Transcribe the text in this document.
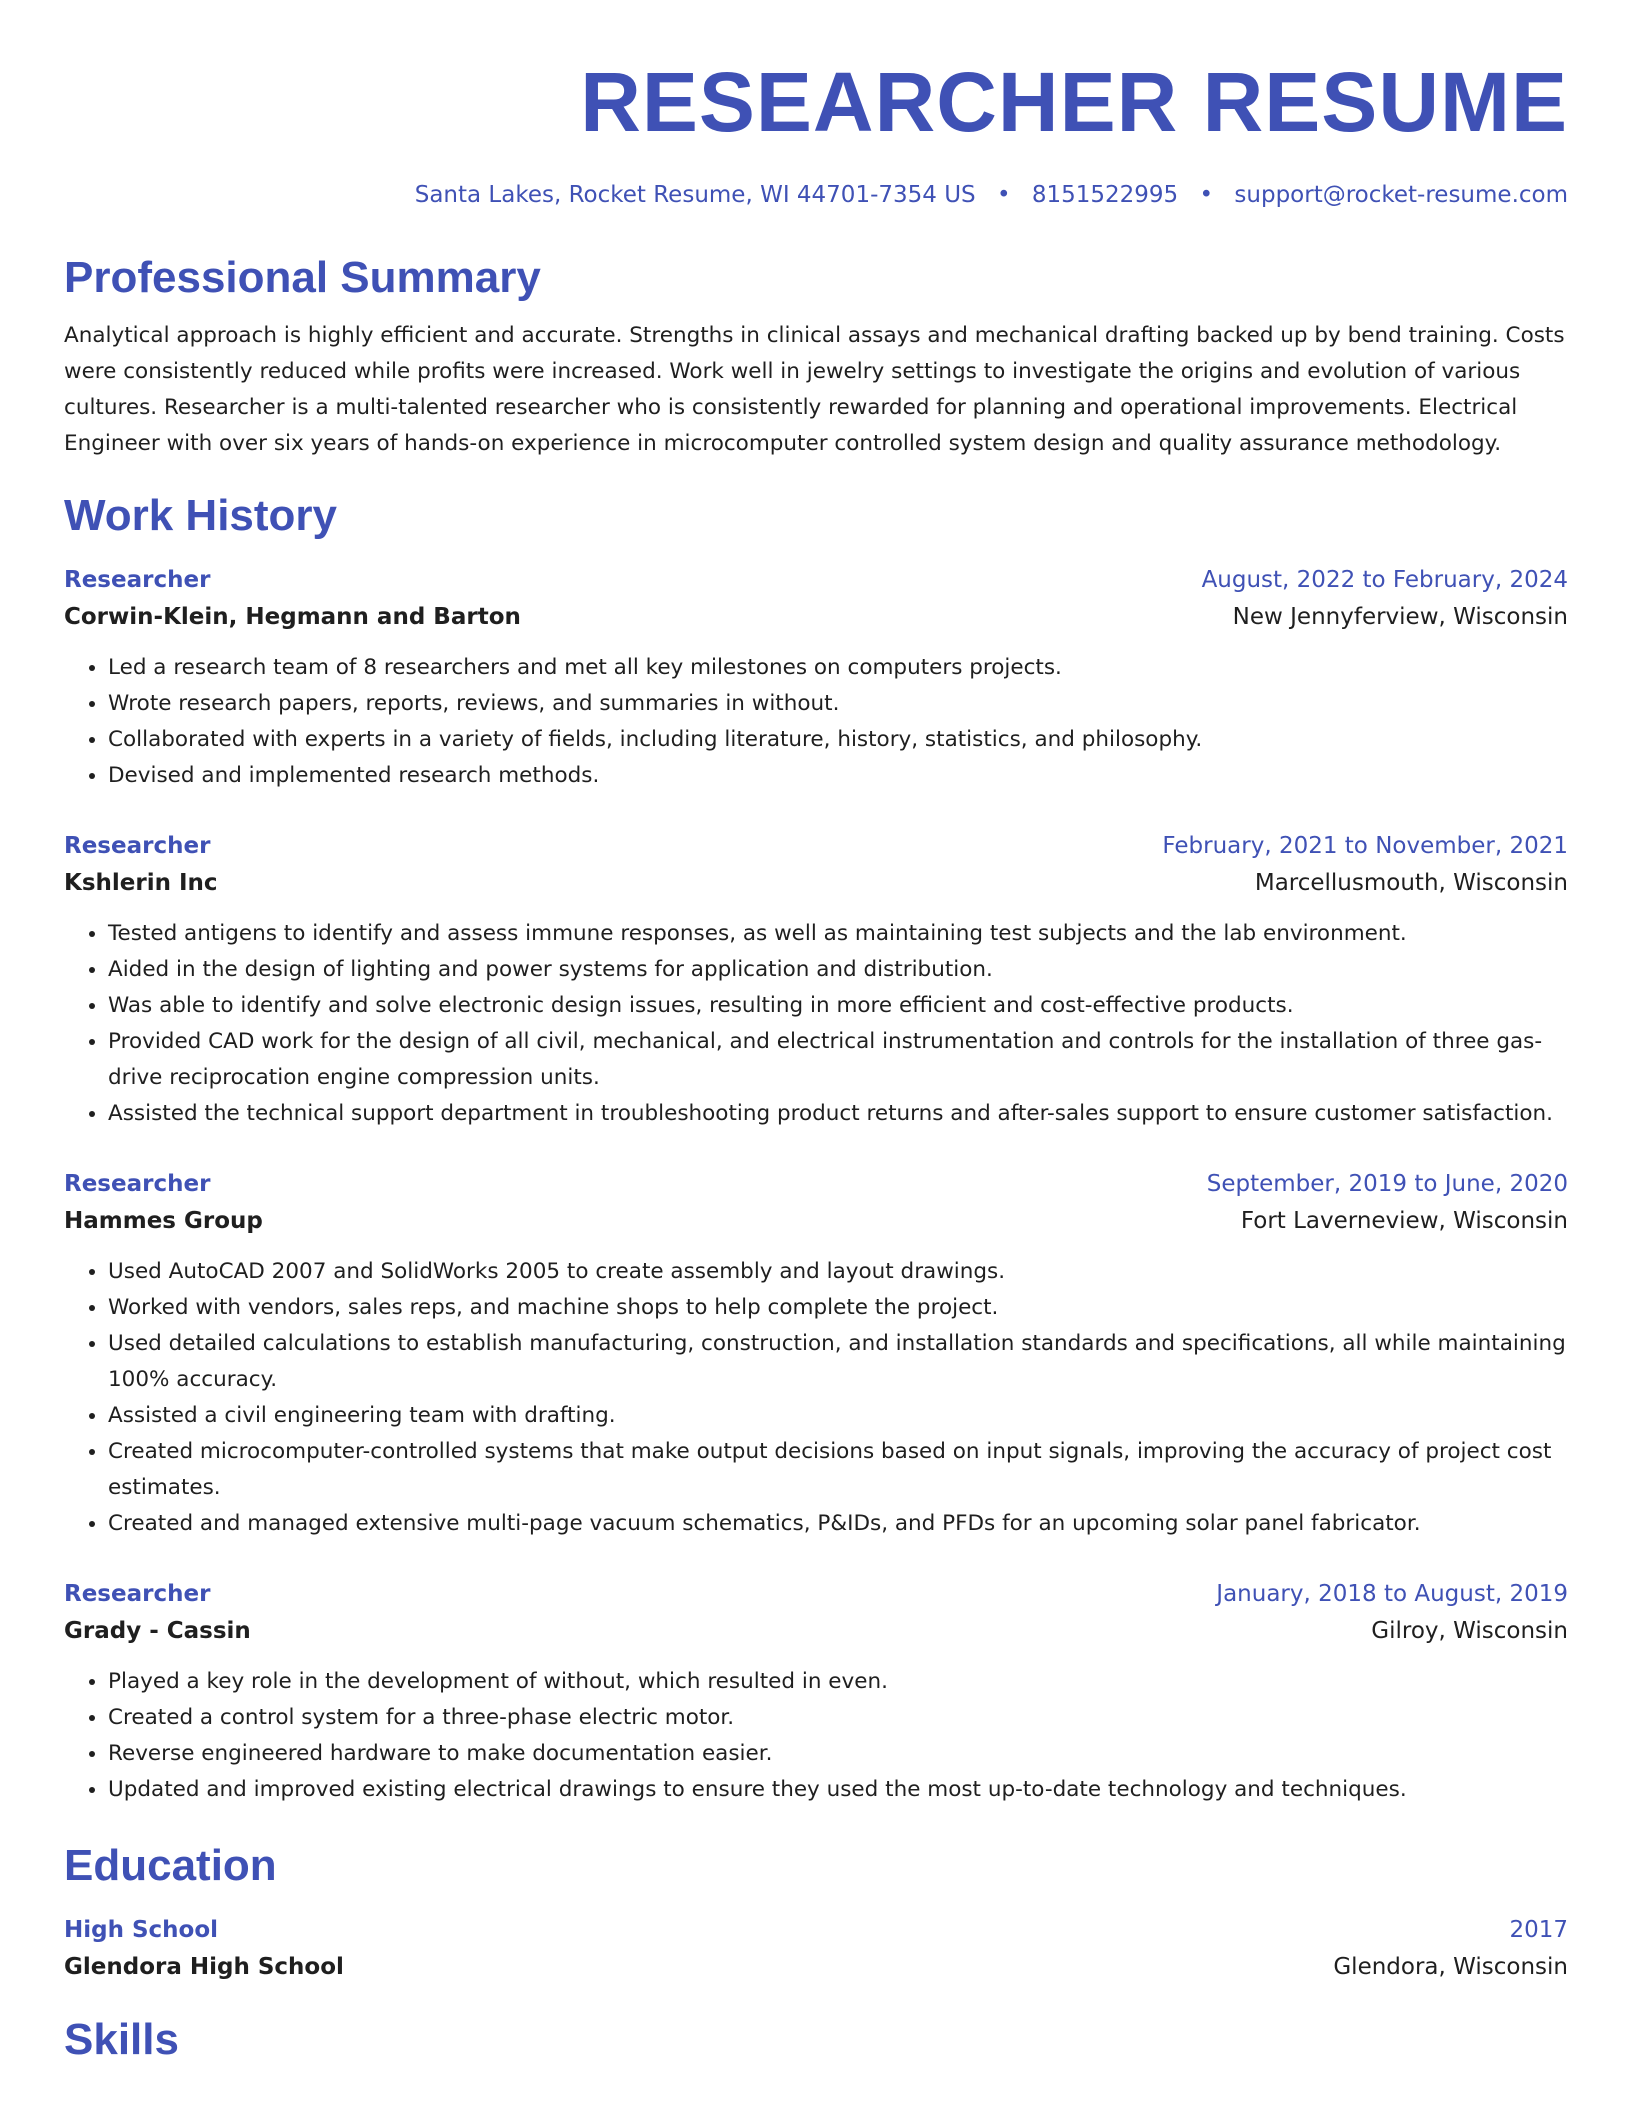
RESEARCHER RESUME
Santa Lakes, Rocket Resume, WI 44701-7354 US • 8151522995 • support@rocket-resume.com
Professional Summary
Analytical approach is highly efficient and accurate. Strengths in clinical assays and mechanical drafting backed up by bend training. Costs were consistently reduced while profits were increased. Work well in jewelry settings to investigate the origins and evolution of various cultures. Researcher is a multi-talented researcher who is consistently rewarded for planning and operational improvements. Electrical Engineer with over six years of hands-on experience in microcomputer controlled system design and quality assurance methodology.
Work History
Researcher	August, 2022 to February, 2024
Corwin-Klein, Hegmann and Barton	New Jennyferview, Wisconsin
• Led a research team of 8 researchers and met all key milestones on computers projects.
• Wrote research papers, reports, reviews, and summaries in without.
• Collaborated with experts in a variety of fields, including literature, history, statistics, and philosophy.
• Devised and implemented research methods.
Researcher	February, 2021 to November, 2021
Kshlerin Inc	Marcellusmouth, Wisconsin
• Tested antigens to identify and assess immune responses, as well as maintaining test subjects and the lab environment.
• Aided in the design of lighting and power systems for application and distribution.
• Was able to identify and solve electronic design issues, resulting in more efficient and cost-effective products.
• Provided CAD work for the design of all civil, mechanical, and electrical instrumentation and controls for the installation of three gas-drive reciprocation engine compression units.
• Assisted the technical support department in troubleshooting product returns and after-sales support to ensure customer satisfaction.
Researcher	September, 2019 to June, 2020
Hammes Group	Fort Laverneview, Wisconsin
• Used AutoCAD 2007 and SolidWorks 2005 to create assembly and layout drawings.
• Worked with vendors, sales reps, and machine shops to help complete the project.
• Used detailed calculations to establish manufacturing, construction, and installation standards and specifications, all while maintaining 100% accuracy.
• Assisted a civil engineering team with drafting.
• Created microcomputer-controlled systems that make output decisions based on input signals, improving the accuracy of project cost estimates.
• Created and managed extensive multi-page vacuum schematics, P&IDs, and PFDs for an upcoming solar panel fabricator.
Researcher	January, 2018 to August, 2019
Grady - Cassin	Gilroy, Wisconsin
• Played a key role in the development of without, which resulted in even.
• Created a control system for a three-phase electric motor.
• Reverse engineered hardware to make documentation easier.
• Updated and improved existing electrical drawings to ensure they used the most up-to-date technology and techniques.
Education
High School	2017
Glendora High School	Glendora, Wisconsin
Skills
